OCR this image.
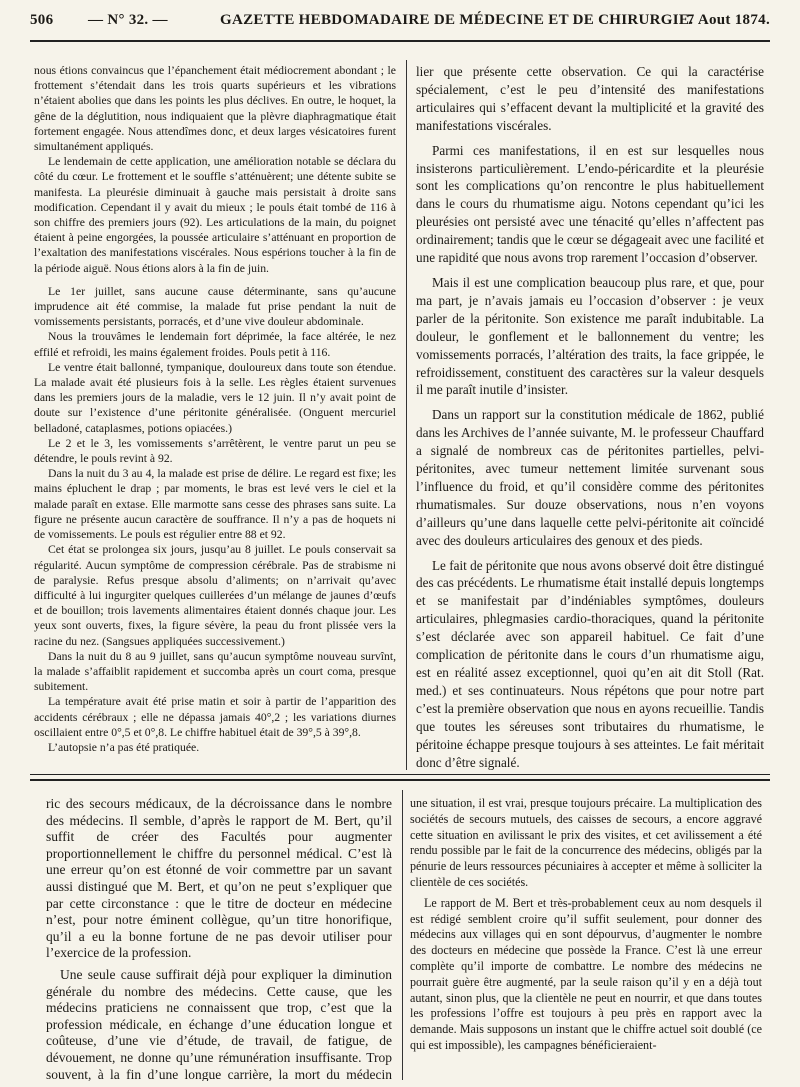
506 — N° 32. —	GAZETTE HEBDOMADAIRE DE MÉDECINE ET DE CHIRURGIE.
7 Aout 1874.

nous étions convaincus que l’épanchement était médiocrement abondant ; le frottement s’étendait dans les trois quarts supérieurs et les vibrations n’étaient abolies que dans les points les plus déclives. En outre, le hoquet, la gêne de la déglutition, nous indiquaient que la plèvre diaphragmatique était fortement engagée. Nous attendîmes donc, et deux larges vésicatoires furent simultanément appliqués.

Le lendemain de cette application, une amélioration notable se déclara du côté du cœur. Le frottement et le souffle s’atténuèrent; une détente subite se manifesta. La pleurésie diminuait à gauche mais persistait à droite sans modification. Cependant il y avait du mieux ; le pouls était tombé de 116 à son chiffre des premiers jours (92). Les articulations de la main, du poignet étaient à peine engorgées, la poussée articulaire s’atténuant en proportion de l’exaltation des manifestations viscérales. Nous espérions toucher à la fin de la période aiguë. Nous étions alors à la fin de juin.

Le 1er juillet, sans aucune cause déterminante, sans qu’aucune imprudence ait été commise, la malade fut prise pendant la nuit de vomissements persistants, porracés, et d’une vive douleur abdominale.

Nous la trouvâmes le lendemain fort déprimée, la face altérée, le nez effilé et refroidi, les mains également froides. Pouls petit à 116.

Le ventre était ballonné, tympanique, douloureux dans toute son étendue. La malade avait été plusieurs fois à la selle. Les règles étaient survenues dans les premiers jours de la maladie, vers le 12 juin. Il n’y avait point de doute sur l’existence d’une péritonite généralisée. (Onguent mercuriel belladoné, cataplasmes, potions opiacées.)

Le 2 et le 3, les vomissements s’arrêtèrent, le ventre parut un peu se détendre, le pouls revint à 92.

Dans la nuit du 3 au 4, la malade est prise de délire. Le regard est fixe; les mains épluchent le drap ; par moments, le bras est levé vers le ciel et la malade paraît en extase. Elle marmotte sans cesse des phrases sans suite. La figure ne présente aucun caractère de souffrance. Il n’y a pas de hoquets ni de vomissements. Le pouls est régulier entre 88 et 92.

Cet état se prolongea six jours, jusqu’au 8 juillet. Le pouls conservait sa régularité. Aucun symptôme de compression cérébrale. Pas de strabisme ni de paralysie. Refus presque absolu d’aliments; on n’arrivait qu’avec difficulté à lui ingurgiter quelques cuillerées d’un mélange de jaunes d’œufs et de bouillon; trois lavements alimentaires étaient donnés chaque jour. Les yeux sont ouverts, fixes, la figure sévère, la peau du front plissée vers la racine du nez. (Sangsues appliquées successivement.)

Dans la nuit du 8 au 9 juillet, sans qu’aucun symptôme nouveau survînt, la malade s’affaiblit rapidement et succomba après un court coma, presque subitement.

La température avait été prise matin et soir à partir de l’apparition des accidents cérébraux ; elle ne dépassa jamais 40°,2 ; les variations diurnes oscillaient entre 0°,5 et 0°,8. Le chiffre habituel était de 39°,5 à 39°,8.

L’autopsie n’a pas été pratiquée.

lier que présente cette observation. Ce qui la caractérise spécialement, c’est le peu d’intensité des manifestations articulaires qui s’effacent devant la multiplicité et la gravité des manifestations viscérales.

Parmi ces manifestations, il en est sur lesquelles nous insisterons particulièrement. L’endo-péricardite et la pleurésie sont les complications qu’on rencontre le plus habituellement dans le cours du rhumatisme aigu. Notons cependant qu’ici les pleurésies ont persisté avec une ténacité qu’elles n’affectent pas ordinairement; tandis que le cœur se dégageait avec une facilité et une rapidité que nous avons trop rarement l’occasion d’observer.

Mais il est une complication beaucoup plus rare, et que, pour ma part, je n’avais jamais eu l’occasion d’observer : je veux parler de la péritonite. Son existence me paraît indubitable. La douleur, le gonflement et le ballonnement du ventre; les vomissements porracés, l’altération des traits, la face grippée, le refroidissement, constituent des caractères sur la valeur desquels il me paraît inutile d’insister.

Dans un rapport sur la constitution médicale de 1862, publié dans les Archives de l’année suivante, M. le professeur Chauffard a signalé de nombreux cas de péritonites partielles, pelvi-péritonites, avec tumeur nettement limitée survenant sous l’influence du froid, et qu’il considère comme des péritonites rhumatismales. Sur douze observations, nous n’en voyons d’ailleurs qu’une dans laquelle cette pelvi-péritonite ait coïncidé avec des douleurs articulaires des genoux et des pieds.

Le fait de péritonite que nous avons observé doit être distingué des cas précédents. Le rhumatisme était installé depuis longtemps et se manifestait par d’indéniables symptômes, douleurs articulaires, phlegmasies cardio-thoraciques, quand la péritonite s’est déclarée avec son appareil habituel. Ce fait d’une complication de péritonite dans le cours d’un rhumatisme aigu, est en réalité assez exceptionnel, quoi qu’en ait dit Stoll (Rat. med.) et ses continuateurs. Nous répétons que pour notre part c’est la première observation que nous en ayons recueillie. Tandis que toutes les séreuses sont tributaires du rhumatisme, le péritoine échappe presque toujours à ses atteintes. Le fait méritait donc d’être signalé.

ric des secours médicaux, de la décroissance dans le nombre des médecins. Il semble, d’après le rapport de M. Bert, qu’il suffit de créer des Facultés pour augmenter proportionnellement le chiffre du personnel médical. C’est là une erreur qu’on est étonné de voir commettre par un savant aussi distingué que M. Bert, et qu’on ne peut s’expliquer que par cette circonstance : que le titre de docteur en médecine n’est, pour notre éminent collègue, qu’un titre honorifique, qu’il a eu la bonne fortune de ne pas devoir utiliser pour l’exercice de la profession.

Une seule cause suffirait déjà pour expliquer la diminution générale du nombre des médecins. Cette cause, que les médecins praticiens ne connaissent que trop, c’est que la profession médicale, en échange d’une éducation longue et coûteuse, d’une vie d’étude, de travail, de fatigue, de dévouement, ne donne qu’une rémunération insuffisante. Trop souvent, à la fin d’une longue carrière, la mort du médecin

une situation, il est vrai, presque toujours précaire. La multiplication des sociétés de secours mutuels, des caisses de secours, a encore aggravé cette situation en avilissant le prix des visites, et cet avilissement a été rendu possible par le fait de la concurrence des médecins, obligés par la pénurie de leurs ressources pécuniaires à accepter et même à solliciter la clientèle de ces sociétés.

Le rapport de M. Bert et très-probablement ceux au nom desquels il est rédigé semblent croire qu’il suffit seulement, pour donner des médecins aux villages qui en sont dépourvus, d’augmenter le nombre des docteurs en médecine que possède la France. C’est là une erreur complète qu’il importe de combattre. Le nombre des médecins ne pourrait guère être augmenté, par la seule raison qu’il y en a déjà tout autant, sinon plus, que la clientèle ne peut en nourrir, et que dans toutes les professions l’offre est toujours à peu près en rapport avec la demande. Mais supposons un instant que le chiffre actuel soit doublé (ce qui est impossible), les campagnes bénéficieraient-
